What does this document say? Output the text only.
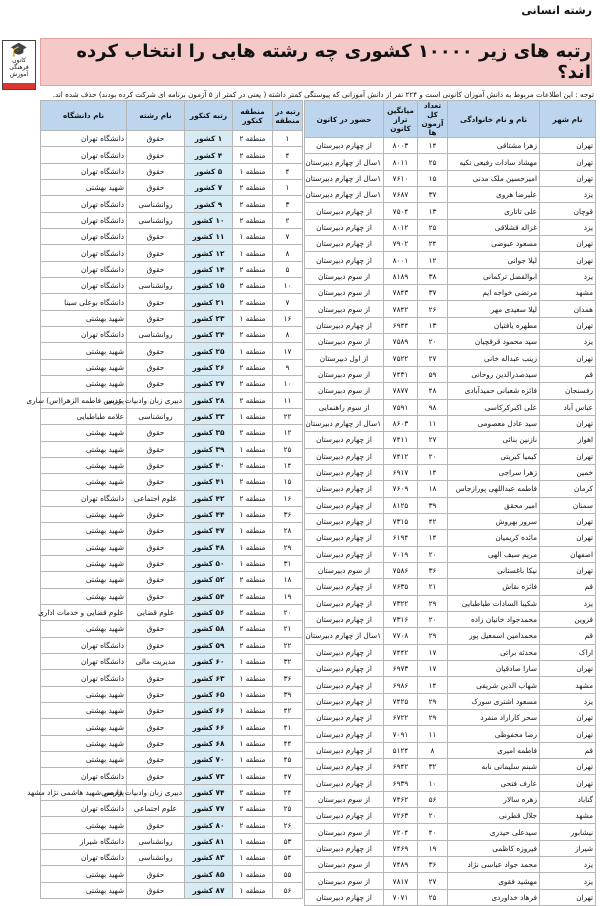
رشته انسانی
🎓
کانون
فرهنگی
آموزش
رتبه های زیر ۱۰۰۰۰ کشوری چه رشته هایی را انتخاب کرده اند؟
توجه : این اطلاعات مربوط به دانش آموزان کانونی است و ۲۲۴ نفر از دانش آموزانی که پیوستگی کمتر داشته ( یعنی در کمتر از ۵ آزمون برنامه ای شرکت کرده بودند) حذف شده اند.
نام شهر	نام و نام خانوادگی	تعداد کل آزمون ها	میانگین تراز کانون	حضور در کانون
تهران	زهرا مشتاقی	۱۴	۸۰۰۳	از چهارم دبیرستان
تهران	مهشاد سادات رفیعی تکیه	۲۵	۸۰۱۱	۱سال از چهارم دبیرستان
تهران	امیرحسین ملک مدنی	۱۵	۷۶۱۰	۱سال از چهارم دبیرستان
یزد	علیرضا هروی	۳۷	۷۶۸۷	۱سال از چهارم دبیرستان
قوچان	علی تاتاری	۱۳	۷۵۰۴	از چهارم دبیرستان
یزد	غزاله قشلاقی	۲۵	۸۰۱۲	از چهارم دبیرستان
تهران	مسعود عبوضی	۲۴	۷۹۰۲	از چهارم دبیرستان
تهران	لیلا جوانی	۱۲	۸۰۰۱	از چهارم دبیرستان
یزد	ابوالفضل ترکمانی	۳۸	۸۱۸۹	از سوم دبیرستان
مشهد	مرتضی خواجه ایم	۳۷	۷۸۴۳	از سوم دبیرستان
همدان	لیلا سعیدی مهر	۲۶	۷۸۴۲	از سوم دبیرستان
تهران	مطهره یافتیان	۱۳	۶۹۴۴	از چهارم دبیرستان
یزد	سید محمود قرقچیان	۲۰	۷۵۸۹	از سوم دبیرستان
تهران	زینب عبداله خانی	۲۷	۷۵۲۲	از اول دبیرستان
قم	سیدصدرالدین روحانی	۵۹	۷۴۳۱	از سوم دبیرستان
رفسنجان	فائزه شعبانی حمیدآبادی	۴۸	۷۸۷۷	از سوم دبیرستان
عباس آباد	علی اکبرکرکاسی	۹۸	۷۵۹۱	از سوم راهنمایی
تهران	سید عادل معصومی	۱۱	۸۶۰۳	۱سال از چهارم دبیرستان
اهواز	نازنین بنائی	۲۷	۷۴۱۱	از چهارم دبیرستان
تهران	کیمیا کبریتی	۲۰	۷۴۱۲	از چهارم دبیرستان
خمین	زهرا سراجی	۱۴	۶۹۱۷	از چهارم دبیرستان
کرمان	فاطمه عبداللهی پورازجاس	۱۸	۷۶۰۹	از چهارم دبیرستان
سمنان	امیر محقق	۳۹	۸۱۲۵	از چهارم دبیرستان
تهران	سرور بهروش	۴۲	۷۳۱۵	از چهارم دبیرستان
تهران	مائده کریمیان	۱۴	۶۱۹۴	از چهارم دبیرستان
اصفهان	مریم سیف الهی	۲۰	۷۰۱۹	از چهارم دبیرستان
تهران	نیکا باغستانی	۳۶	۷۵۸۶	از سوم دبیرستان
قم	فائزه نقاش	۲۱	۷۶۳۵	از چهارم دبیرستان
یزد	شکیبا السادات طباطبایی	۲۹	۷۳۲۲	از چهارم دبیرستان
قزوین	محمدجواد خانیان زاده	۲۰	۷۳۱۶	از چهارم دبیرستان
قم	محمدامین اسمعیل پور	۲۹	۷۷۰۸	۱سال از چهارم دبیرستان
اراک	محدثه براتی	۱۷	۷۴۴۲	از چهارم دبیرستان
تهران	سارا صادقیان	۱۷	۶۹۷۳	از چهارم دبیرستان
مشهد	شهاب الدین شریفی	۱۴	۶۹۸۶	از چهارم دبیرستان
یزد	مسعود اشتری سورک	۲۹	۷۴۲۵	از چهارم دبیرستان
تهران	سحر کاراراد منفرد	۲۹	۶۷۲۲	از چهارم دبیرستان
تهران	رضا محفوظی	۱۱	۷۰۹۱	از چهارم دبیرستان
قم	فاطمه امیری	۸	۵۱۲۴	از چهارم دبیرستان
تهران	شبنم سلیمانی نابه	۳۲	۶۹۴۲	از چهارم دبیرستان
تهران	عارف فتحی	۱۰	۶۹۳۹	از چهارم دبیرستان
گناباد	زهره سالار	۵۶	۷۴۶۲	از سوم دبیرستان
مشهد	جلال قطرنی	۲۰	۷۲۶۳	از چهارم دبیرستان
نیشابور	سیدعلی حیدری	۴۰	۷۲۰۴	از سوم دبیرستان
شیراز	فیروزه کاظمی	۱۹	۷۴۶۹	از چهارم دبیرستان
یزد	محمد جواد عباسی نژاد	۳۶	۷۴۸۹	از سوم دبیرستان
یزد	مهشید فقوی	۲۷	۷۸۱۷	از سوم دبیرستان
تهران	فرهاد خداوردی	۲۵	۷۰۷۱	از چهارم دبیرستان
رتبه در منطقه	منطقه کنکور	رتبه کنکور	نام رشته	نام دانشگاه
۱	منطقه ۲	۱ کشور	حقوق	دانشگاه تهران
۴	منطقه ۲	۴ کشور	حقوق	دانشگاه تهران
۴	منطقه ۱	۵ کشور	حقوق	دانشگاه تهران
۱	منطقه ۲	۷ کشور	حقوق	شهید بهشتی
۳	منطقه ۲	۹ کشور	روانشناسی	دانشگاه تهران
۲	منطقه ۲	۱۰ کشور	روانشناسی	دانشگاه تهران
۷	منطقه ۱	۱۱ کشور	حقوق	دانشگاه تهران
۸	منطقه ۱	۱۲ کشور	حقوق	دانشگاه تهران
۵	منطقه ۲	۱۴ کشور	حقوق	دانشگاه تهران
۱۰	منطقه ۲	۱۵ کشور	روانشناسی	دانشگاه تهران
۷	منطقه ۲	۲۱ کشور	حقوق	دانشگاه بوعلی سینا
۱۶	منطقه ۱	۲۳ کشور	حقوق	شهید بهشتی
۸	منطقه ۲	۲۴ کشور	روانشناسی	دانشگاه تهران
۱۷	منطقه ۱	۲۵ کشور	حقوق	شهید بهشتی
۹	منطقه ۲	۲۶ کشور	حقوق	شهید بهشتی
۱۰	منطقه ۲	۲۷ کشور	حقوق	شهید بهشتی
۱۱	منطقه ۲	۲۸ کشور	دبیری زبان وادبیات عربی	پردیس فاطمه الزهرا(س) ساری
۲۲	منطقه ۱	۳۳ کشور	روانشناسی	علامه طباطبایی
۱۲	منطقه ۲	۳۵ کشور	حقوق	شهید بهشتی
۲۵	منطقه ۱	۳۹ کشور	حقوق	شهید بهشتی
۱۴	منطقه ۲	۴۰ کشور	حقوق	شهید بهشتی
۱۵	منطقه ۲	۴۱ کشور	حقوق	شهید بهشتی
۱۶	منطقه ۲	۴۲ کشور	علوم اجتماعی	دانشگاه تهران
۳۶	منطقه ۱	۴۴ کشور	حقوق	شهید بهشتی
۲۸	منطقه ۱	۴۷ کشور	حقوق	شهید بهشتی
۲۹	منطقه ۱	۴۸ کشور	حقوق	شهید بهشتی
۳۱	منطقه ۱	۵۰ کشور	حقوق	شهید بهشتی
۱۸	منطقه ۲	۵۲ کشور	حقوق	شهید بهشتی
۱۹	منطقه ۲	۵۴ کشور	حقوق	شهید بهشتی
۲۰	منطقه ۲	۵۶ کشور	علوم قضایی	علوم قضایی و خدمات اداری
۲۱	منطقه ۲	۵۸ کشور	حقوق	شهید بهشتی
۲۲	منطقه ۲	۵۹ کشور	حقوق	دانشگاه تهران
۳۲	منطقه ۱	۶۰ کشور	مدیریت مالی	دانشگاه تهران
۳۶	منطقه ۱	۶۳ کشور	حقوق	دانشگاه تهران
۳۹	منطقه ۱	۶۵ کشور	حقوق	شهید بهشتی
۴۲	منطقه ۱	۶۶ کشور	حقوق	شهید بهشتی
۴۱	منطقه ۱	۶۶ کشور	حقوق	شهید بهشتی
۴۴	منطقه ۱	۶۸ کشور	حقوق	شهید بهشتی
۴۵	منطقه ۱	۷۰ کشور	حقوق	شهید بهشتی
۴۷	منطقه ۱	۷۳ کشور	حقوق	دانشگاه تهران
۲۴	منطقه ۲	۷۴ کشور	دبیری زبان وادبیات فارسی	پردیس شهید هاشمی نژاد مشهد
۲۵	منطقه ۲	۷۷ کشور	علوم اجتماعی	دانشگاه تهران
۲۶	منطقه ۲	۸۰ کشور	حقوق	شهید بهشتی
۵۳	منطقه ۱	۸۱ کشور	روانشناسی	دانشگاه شیراز
۵۴	منطقه ۱	۸۳ کشور	روانشناسی	دانشگاه تهران
۵۵	منطقه ۱	۸۵ کشور	حقوق	شهید بهشتی
۵۶	منطقه ۱	۸۷ کشور	حقوق	شهید بهشتی
